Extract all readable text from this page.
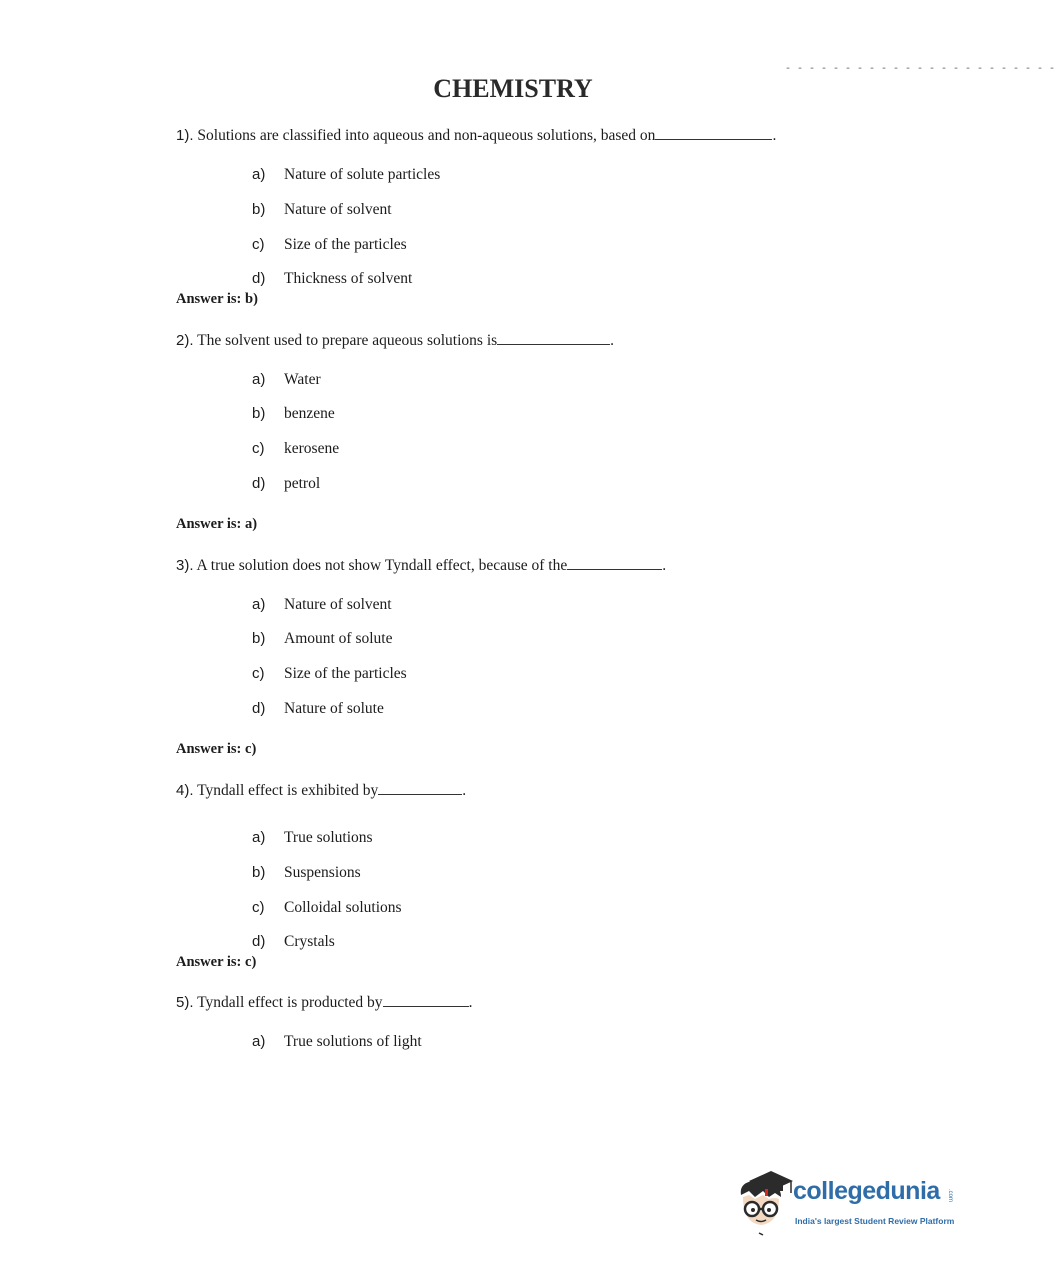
- - - - - - - - - - - - - - - - - - - - - - -
CHEMISTRY

1). Solutions are classified into aqueous and non-aqueous solutions, based on	.

a) Nature of solute particles
b) Nature of solvent
c) Size of the particles
d) Thickness of solvent
Answer is: b)

2). The solvent used to prepare aqueous solutions is	.

a) Water
b) benzene
c) kerosene
d) petrol
Answer is: a)

3). A true solution does not show Tyndall effect, because of the	.

a) Nature of solvent
b) Amount of solute
c) Size of the particles
d) Nature of solute
Answer is: c)

4). Tyndall effect is exhibited by	.

a) True solutions
b) Suspensions
c) Colloidal solutions
d) Crystals
Answer is: c)

5). Tyndall effect is producted by	.

a) True solutions of light
collegedunia .com
India's largest Student Review Platform
